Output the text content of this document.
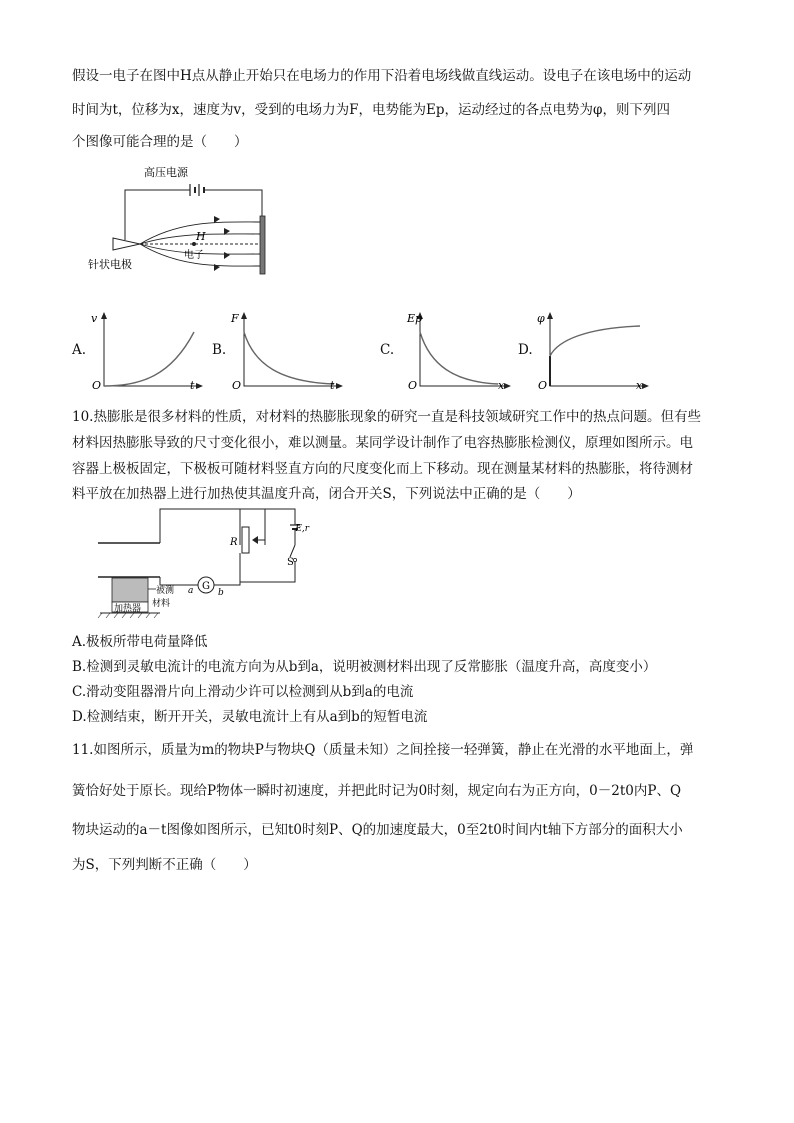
假设一电子在图中H点从静止开始只在电场力的作用下沿着电场线做直线运动。设电子在该电场中的运动
时间为t，位移为x，速度为v，受到的电场力为F，电势能为Ep，运动经过的各点电势为φ，则下列四
个图像可能合理的是（　　）
高压电源
H
电子
针状电极
A.
v
t
O
B.
F
t
O
C.
Ep
x
O
D.
φ
x
O
10.热膨胀是很多材料的性质，对材料的热膨胀现象的研究一直是科技领域研究工作中的热点问题。但有些
材料因热膨胀导致的尺寸变化很小，难以测量。某同学设计制作了电容热膨胀检测仪，原理如图所示。电
容器上极板固定，下极板可随材料竖直方向的尺度变化而上下移动。现在测量某材料的热膨胀，将待测材
料平放在加热器上进行加热使其温度升高，闭合开关S，下列说法中正确的是（　　）
R
E,r
S
G
a	b
被测
材料
加热器
A.极板所带电荷量降低
B.检测到灵敏电流计的电流方向为从b到a，说明被测材料出现了反常膨胀（温度升高，高度变小）
C.滑动变阻器滑片向上滑动少许可以检测到从b到a的电流
D.检测结束，断开开关，灵敏电流计上有从a到b的短暂电流
11.如图所示，质量为m的物块P与物块Q（质量未知）之间拴接一轻弹簧，静止在光滑的水平地面上，弹
簧恰好处于原长。现给P物体一瞬时初速度，并把此时记为0时刻，规定向右为正方向，0－2t0内P、Q
物块运动的a－t图像如图所示，已知t0时刻P、Q的加速度最大，0至2t0时间内t轴下方部分的面积大小
为S，下列判断不正确（　　）
